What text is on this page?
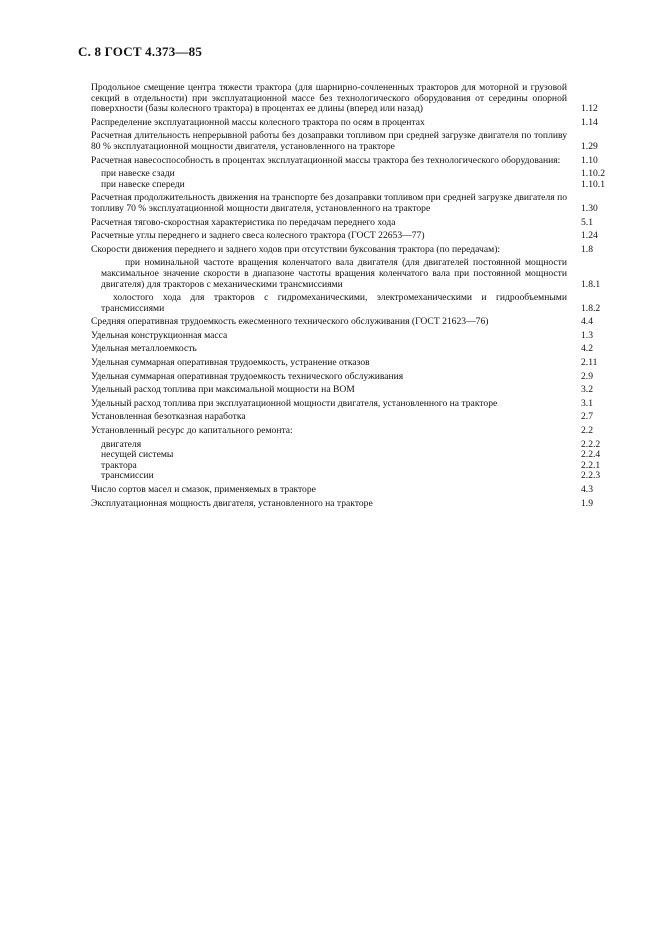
С. 8 ГОСТ 4.373—85
Продольное смещение центра тяжести трактора (для шарнирно-сочлененных тракторов для моторной и грузовой секций в отдельности) при эксплуатационной массе без технологического оборудования от середины опорной поверхности (базы колесного трактора) в процентах ее длины (вперед или назад)	1.12
Распределение эксплуатационной массы колесного трактора по осям в процентах	1.14
Расчетная длительность непрерывной работы без дозаправки топливом при средней загрузке двигателя по топливу 80 % эксплуатационной мощности двигателя, установленного на тракторе	1.29
Расчетная навесоспособность в процентах эксплуатационной массы трактора без технологического оборудования:	1.10
при навеске сзади	1.10.2
при навеске спереди	1.10.1
Расчетная продолжительность движения на транспорте без дозаправки топливом при средней загрузке двигателя по топливу 70 % эксплуатационной мощности двигателя, установленного на тракторе	1.30
Расчетная тягово-скоростная характеристика по передачам переднего хода	5.1
Расчетные углы переднего и заднего свеса колесного трактора (ГОСТ 22653—77)	1.24
Скорости движения переднего и заднего ходов при отсутствии буксования трактора (по передачам):	1.8
при номинальной частоте вращения коленчатого вала двигателя (для двигателей постоянной мощности максимальное значение скорости в диапазоне частоты вращения коленчатого вала при постоянной мощности двигателя) для тракторов с механическими трансмиссиями	1.8.1
холостого хода для тракторов с гидромеханическими, электромеханическими и гидрообъемными трансмиссиями	1.8.2
Средняя оперативная трудоемкость ежесменного технического обслуживания (ГОСТ 21623—76)	4.4
Удельная конструкционная масса	1.3
Удельная металлоемкость	4.2
Удельная суммарная оперативная трудоемкость, устранение отказов	2.11
Удельная суммарная оперативная трудоемкость технического обслуживания	2.9
Удельный расход топлива при максимальной мощности на ВОМ	3.2
Удельный расход топлива при эксплуатационной мощности двигателя, установленного на тракторе	3.1
Установленная безотказная наработка	2.7
Установленный ресурс до капитального ремонта:	2.2
двигателя	2.2.2
несущей системы	2.2.4
трактора	2.2.1
трансмиссии	2.2.3
Число сортов масел и смазок, применяемых в тракторе	4.3
Эксплуатационная мощность двигателя, установленного на тракторе	1.9
